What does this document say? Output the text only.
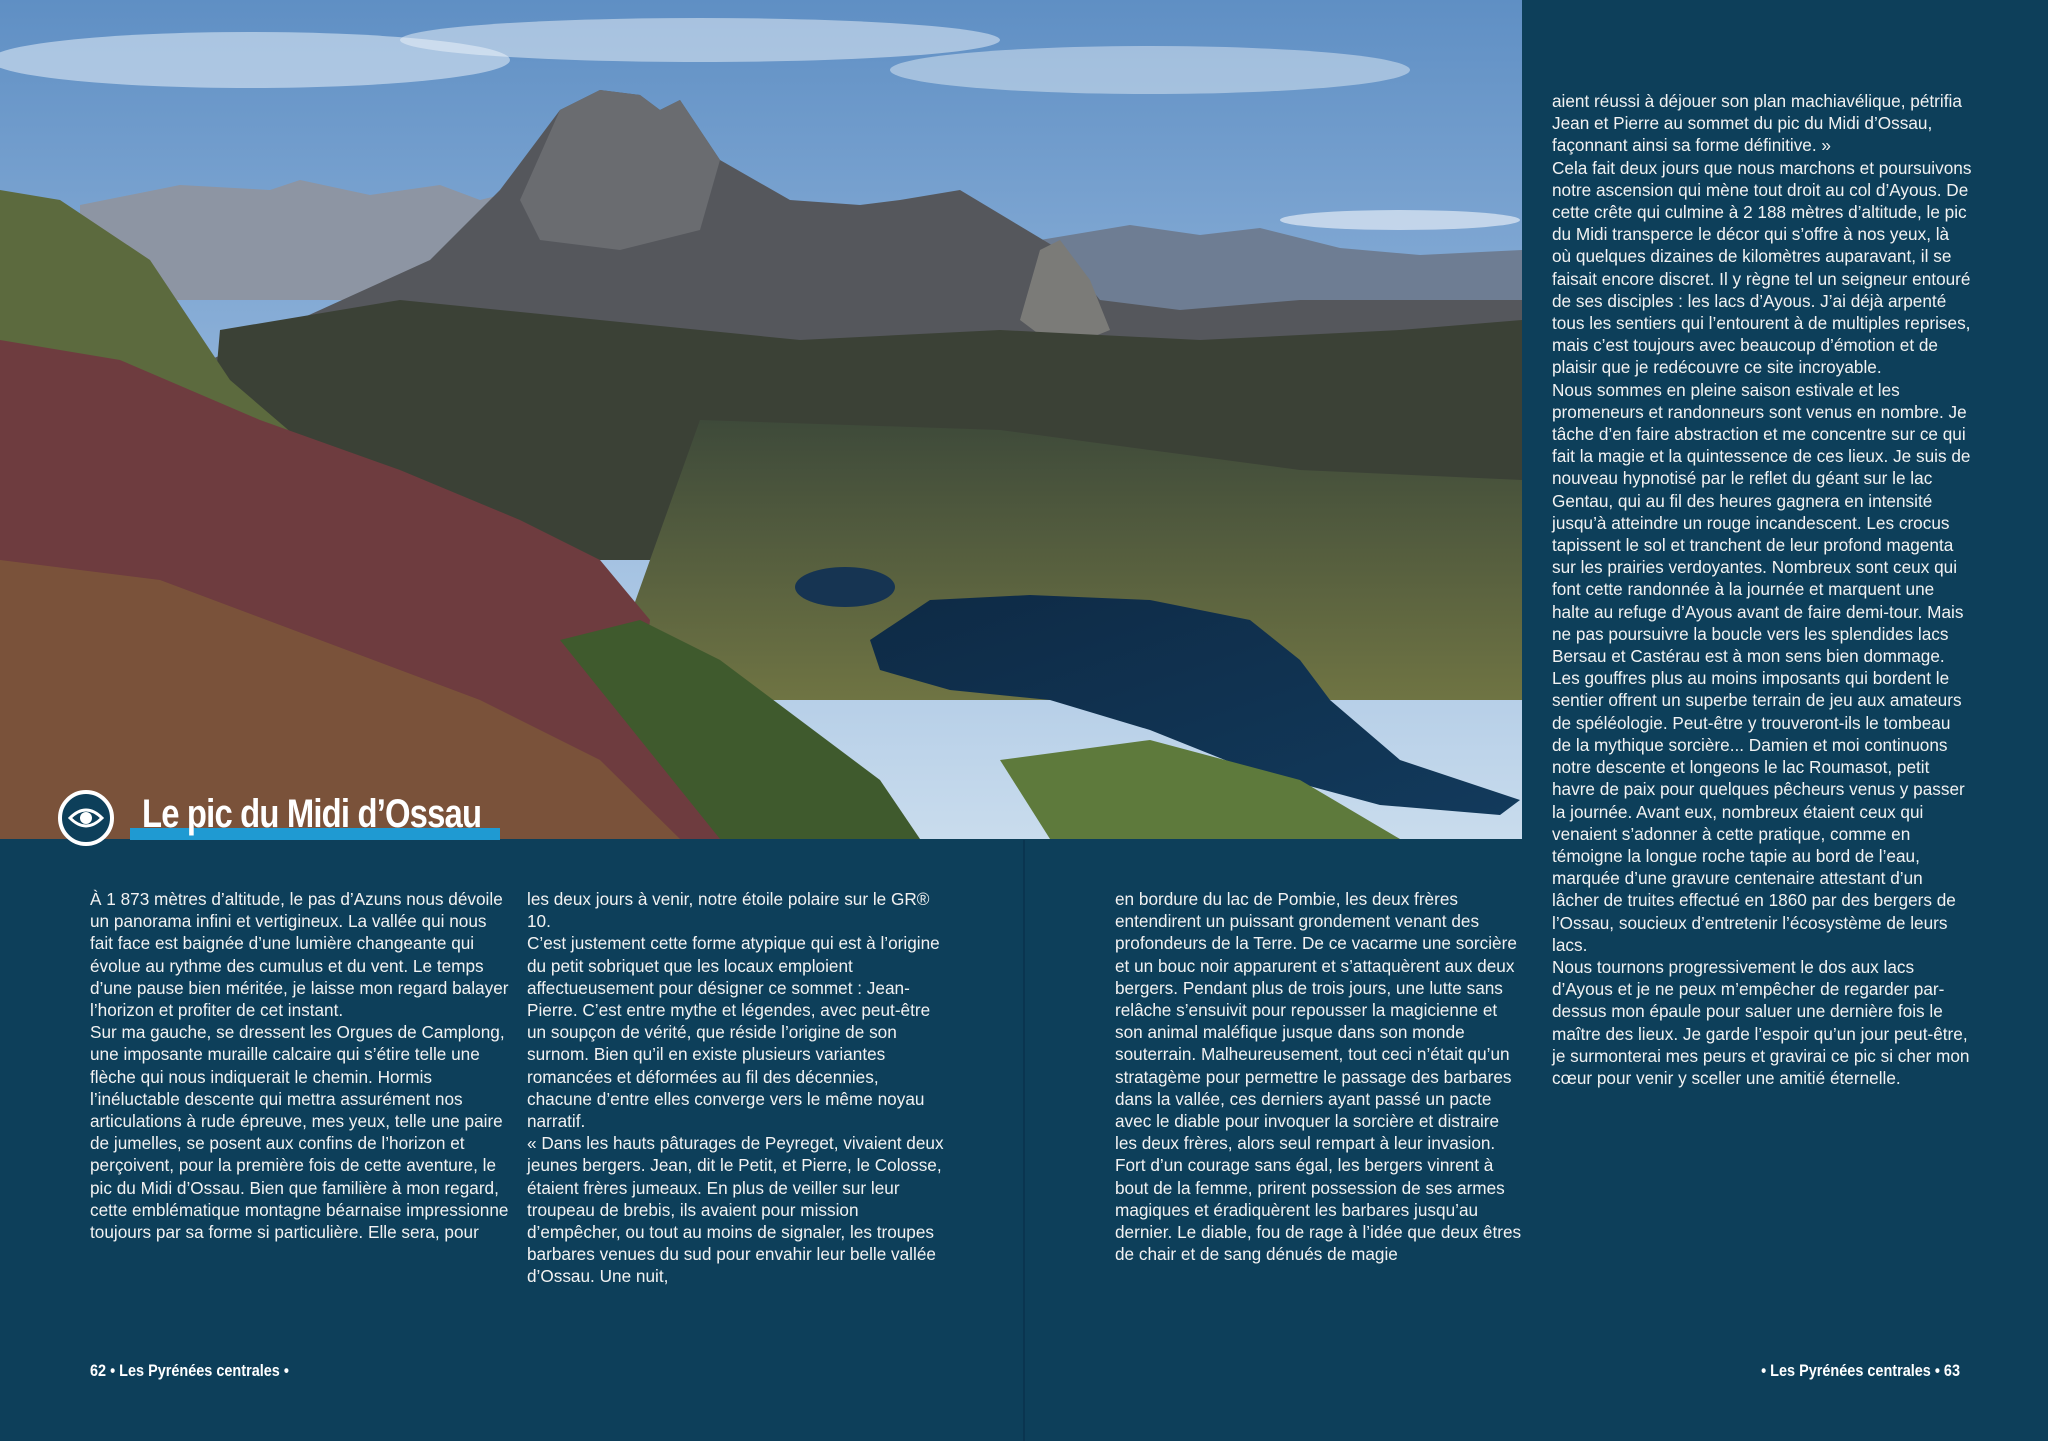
Le pic du Midi d’Ossau

À 1 873 mètres d’altitude, le pas d’Azuns nous dévoile un panorama infini et vertigineux. La vallée qui nous fait face est baignée d’une lumière changeante qui évolue au rythme des cumulus et du vent. Le temps d’une pause bien méritée, je laisse mon regard balayer l’horizon et profiter de cet instant.

Sur ma gauche, se dressent les Orgues de Camplong, une imposante muraille calcaire qui s’étire telle une flèche qui nous indiquerait le chemin. Hormis l’inéluctable descente qui mettra assurément nos articulations à rude épreuve, mes yeux, telle une paire de jumelles, se posent aux confins de l’horizon et perçoivent, pour la première fois de cette aventure, le pic du Midi d’Ossau. Bien que familière à mon regard, cette emblématique montagne béarnaise impressionne toujours par sa forme si particulière. Elle sera, pour

les deux jours à venir, notre étoile polaire sur le GR® 10.

C’est justement cette forme atypique qui est à l’origine du petit sobriquet que les locaux emploient affectueusement pour désigner ce sommet : Jean-Pierre. C’est entre mythe et légendes, avec peut-être un soupçon de vérité, que réside l’origine de son surnom. Bien qu’il en existe plusieurs variantes romancées et déformées au fil des décennies, chacune d’entre elles converge vers le même noyau narratif.

« Dans les hauts pâturages de Peyreget, vivaient deux jeunes bergers. Jean, dit le Petit, et Pierre, le Colosse, étaient frères jumeaux. En plus de veiller sur leur troupeau de brebis, ils avaient pour mission d’empêcher, ou tout au moins de signaler, les troupes barbares venues du sud pour envahir leur belle vallée d’Ossau. Une nuit,

en bordure du lac de Pombie, les deux frères entendirent un puissant grondement venant des profondeurs de la Terre. De ce vacarme une sorcière et un bouc noir apparurent et s’attaquèrent aux deux bergers. Pendant plus de trois jours, une lutte sans relâche s’ensuivit pour repousser la magicienne et son animal maléfique jusque dans son monde souterrain. Malheureusement, tout ceci n’était qu’un stratagème pour permettre le passage des barbares dans la vallée, ces derniers ayant passé un pacte avec le diable pour invoquer la sorcière et distraire les deux frères, alors seul rempart à leur invasion. Fort d’un courage sans égal, les bergers vinrent à bout de la femme, prirent possession de ses armes magiques et éradiquèrent les barbares jusqu’au dernier. Le diable, fou de rage à l’idée que deux êtres de chair et de sang dénués de magie

aient réussi à déjouer son plan machiavélique, pétrifia Jean et Pierre au sommet du pic du Midi d’Ossau, façonnant ainsi sa forme définitive. »

Cela fait deux jours que nous marchons et poursuivons notre ascension qui mène tout droit au col d’Ayous. De cette crête qui culmine à 2 188 mètres d’altitude, le pic du Midi transperce le décor qui s’offre à nos yeux, là où quelques dizaines de kilomètres auparavant, il se faisait encore discret. Il y règne tel un seigneur entouré de ses disciples : les lacs d’Ayous. J’ai déjà arpenté tous les sentiers qui l’entourent à de multiples reprises, mais c’est toujours avec beaucoup d’émotion et de plaisir que je redécouvre ce site incroyable.

Nous sommes en pleine saison estivale et les promeneurs et randonneurs sont venus en nombre. Je tâche d’en faire abstraction et me concentre sur ce qui fait la magie et la quintessence de ces lieux. Je suis de nouveau hypnotisé par le reflet du géant sur le lac Gentau, qui au fil des heures gagnera en intensité jusqu’à atteindre un rouge incandescent. Les crocus tapissent le sol et tranchent de leur profond magenta sur les prairies verdoyantes. Nombreux sont ceux qui font cette randonnée à la journée et marquent une halte au refuge d’Ayous avant de faire demi-tour. Mais ne pas poursuivre la boucle vers les splendides lacs Bersau et Castérau est à mon sens bien dommage. Les gouffres plus au moins imposants qui bordent le sentier offrent un superbe terrain de jeu aux amateurs de spéléologie. Peut-être y trouveront-ils le tombeau de la mythique sorcière... Damien et moi continuons notre descente et longeons le lac Roumasot, petit havre de paix pour quelques pêcheurs venus y passer la journée. Avant eux, nombreux étaient ceux qui venaient s’adonner à cette pratique, comme en témoigne la longue roche tapie au bord de l’eau, marquée d’une gravure centenaire attestant d’un lâcher de truites effectué en 1860 par des bergers de l’Ossau, soucieux d’entretenir l’écosystème de leurs lacs.

Nous tournons progressivement le dos aux lacs d’Ayous et je ne peux m’empêcher de regarder par-dessus mon épaule pour saluer une dernière fois le maître des lieux. Je garde l’espoir qu’un jour peut-être, je surmonterai mes peurs et gravirai ce pic si cher mon cœur pour venir y sceller une amitié éternelle.

62 • Les Pyrénées centrales •	• Les Pyrénées centrales • 63
